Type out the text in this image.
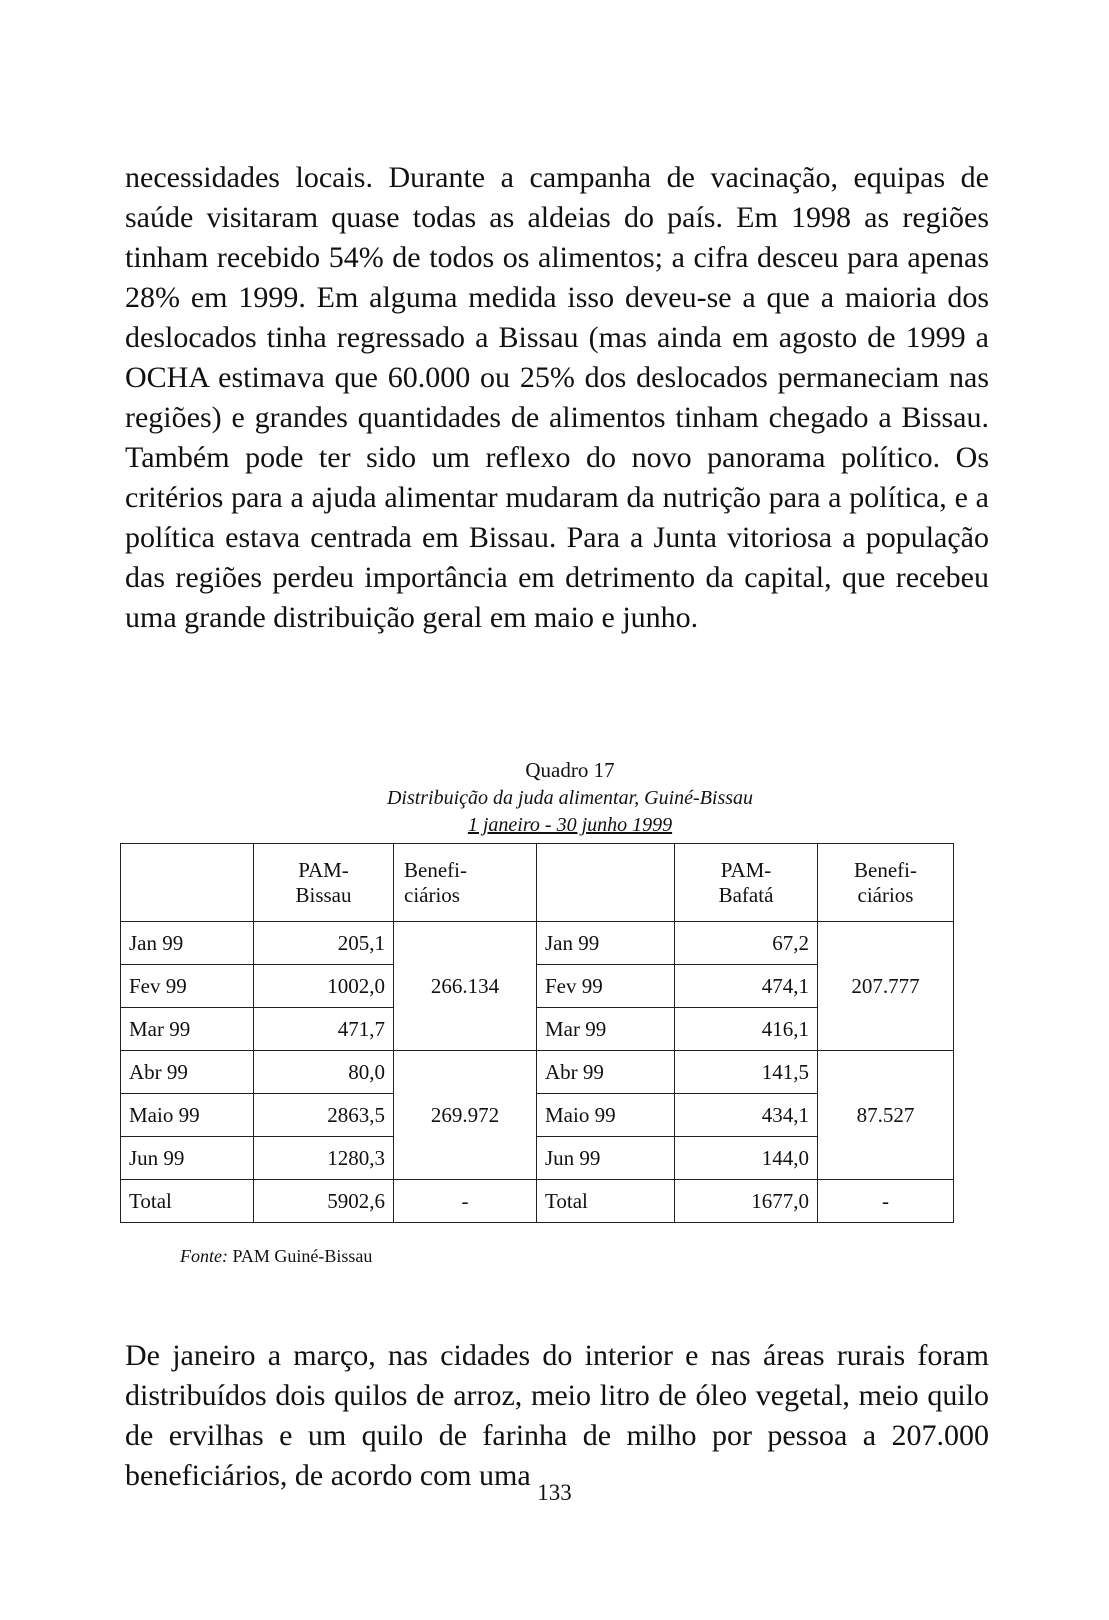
necessidades locais. Durante a campanha de vacinação, equipas de saúde visitaram quase todas as aldeias do país. Em 1998 as regiões tinham recebido 54% de todos os alimentos; a cifra desceu para apenas 28% em 1999. Em alguma medida isso deveu-se a que a maioria dos deslocados tinha regressado a Bissau (mas ainda em agosto de 1999 a OCHA estimava que 60.000 ou 25% dos deslocados permaneciam nas regiões) e grandes quantidades de alimentos tinham chegado a Bissau. Também pode ter sido um reflexo do novo panorama político. Os critérios para a ajuda alimentar mudaram da nutrição para a política, e a política estava centrada em Bissau. Para a Junta vitoriosa a população das regiões perdeu importância em detrimento da capital, que recebeu uma grande distribuição geral em maio e junho.

Quadro 17
Distribuição da juda alimentar, Guiné-Bissau
1 janeiro - 30 junho 1999
	PAM-
Bissau	Benefi-
ciários		PAM-
Bafatá	Benefi-
ciários
Jan 99	205,1	266.134	Jan 99	67,2	207.777
Fev 99	1002,0		Fev 99	474,1	
Mar 99	471,7		Mar 99	416,1	
Abr 99	80,0	269.972	Abr 99	141,5	87.527
Maio 99	2863,5		Maio 99	434,1	
Jun 99	1280,3		Jun 99	144,0	
Total	5902,6	-	Total	1677,0	-
Fonte: PAM Guiné-Bissau

De janeiro a março, nas cidades do interior e nas áreas rurais foram distribuídos dois quilos de arroz, meio litro de óleo vegetal, meio quilo de ervilhas e um quilo de farinha de milho por pessoa a 207.000 beneficiários, de acordo com uma

133
